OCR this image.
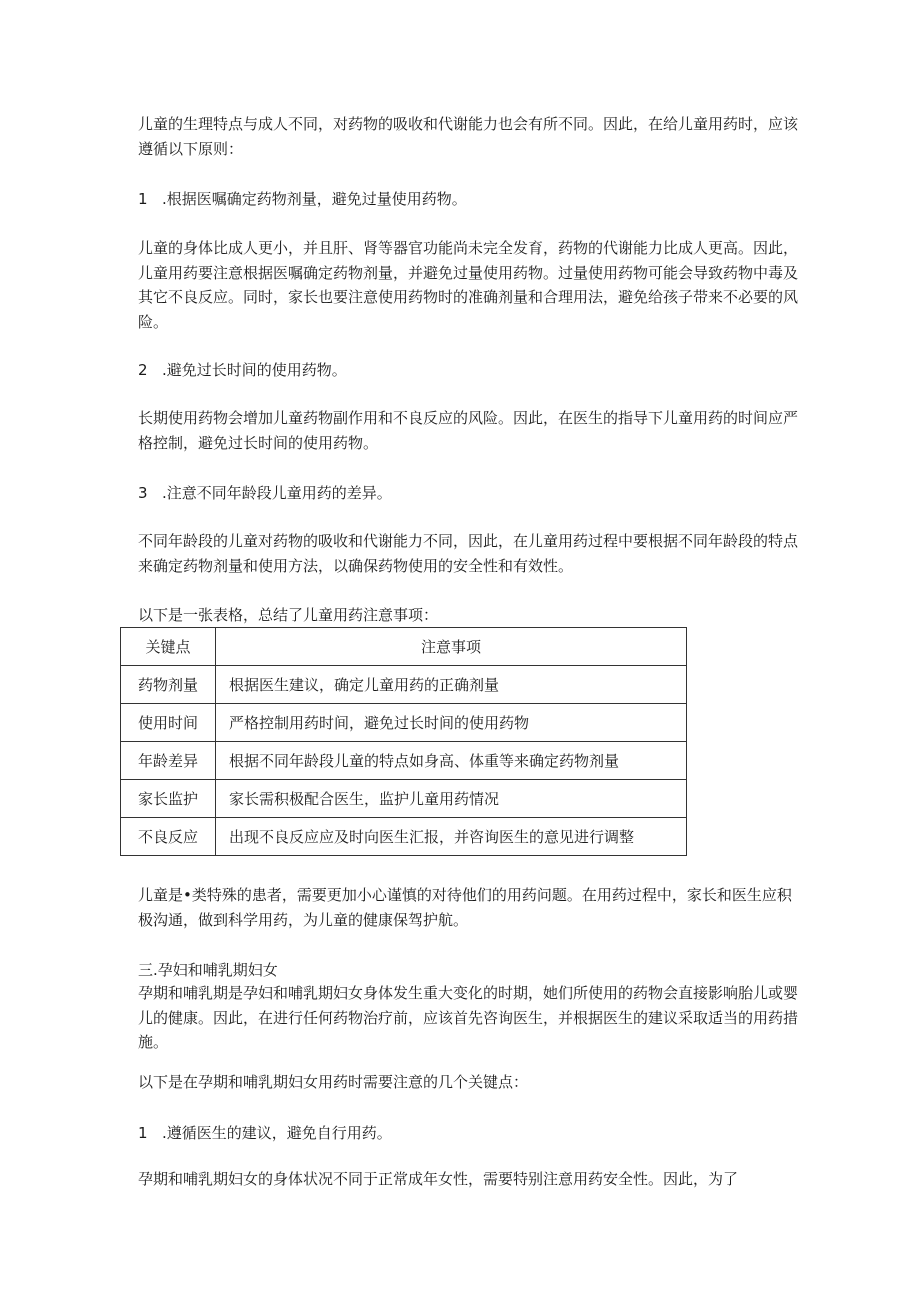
儿童的生理特点与成人不同，对药物的吸收和代谢能力也会有所不同。因此，在给儿童用药时，应该遵循以下原则：

1 .根据医嘱确定药物剂量，避免过量使用药物。

儿童的身体比成人更小，并且肝、肾等器官功能尚未完全发育，药物的代谢能力比成人更高。因此，儿童用药要注意根据医嘱确定药物剂量，并避免过量使用药物。过量使用药物可能会导致药物中毒及其它不良反应。同时，家长也要注意使用药物时的准确剂量和合理用法，避免给孩子带来不必要的风险。

2 .避免过长时间的使用药物。

长期使用药物会增加儿童药物副作用和不良反应的风险。因此，在医生的指导下儿童用药的时间应严格控制，避免过长时间的使用药物。

3 .注意不同年龄段儿童用药的差异。

不同年龄段的儿童对药物的吸收和代谢能力不同，因此，在儿童用药过程中要根据不同年龄段的特点来确定药物剂量和使用方法，以确保药物使用的安全性和有效性。

以下是一张表格，总结了儿童用药注意事项：

关键点	注意事项
药物剂量	根据医生建议，确定儿童用药的正确剂量
使用时间	严格控制用药时间，避免过长时间的使用药物
年龄差异	根据不同年龄段儿童的特点如身高、体重等来确定药物剂量
家长监护	家长需积极配合医生，监护儿童用药情况
不良反应	出现不良反应应及时向医生汇报，并咨询医生的意见进行调整

儿童是•类特殊的患者，需要更加小心谨慎的对待他们的用药问题。在用药过程中，家长和医生应积极沟通，做到科学用药，为儿童的健康保驾护航。

三.孕妇和哺乳期妇女

孕期和哺乳期是孕妇和哺乳期妇女身体发生重大变化的时期，她们所使用的药物会直接影响胎儿或婴儿的健康。因此，在进行任何药物治疗前，应该首先咨询医生，并根据医生的建议采取适当的用药措施。

以下是在孕期和哺乳期妇女用药时需要注意的几个关键点：

1 .遵循医生的建议，避免自行用药。

孕期和哺乳期妇女的身体状况不同于正常成年女性，需要特别注意用药安全性。因此，为了
